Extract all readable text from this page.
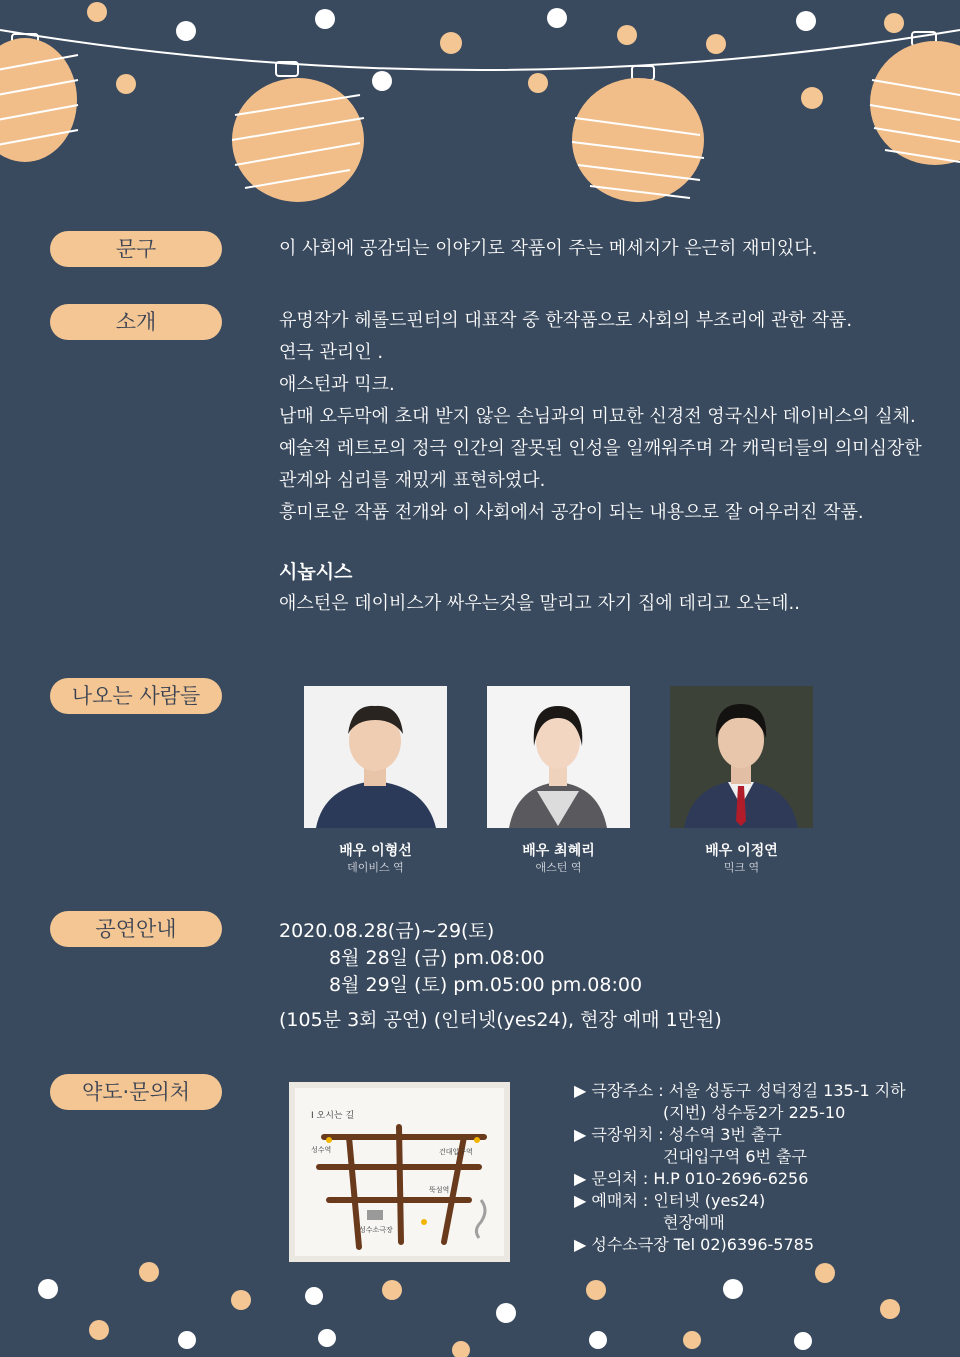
문구	이 사회에 공감되는 이야기로 작품이 주는 메세지가 은근히 재미있다.
소개	유명작가 헤롤드핀터의 대표작 중 한작품으로 사회의 부조리에 관한 작품.
연극 관리인 .
애스턴과 믹크.
남매 오두막에 초대 받지 않은 손님과의 미묘한 신경전 영국신사 데이비스의 실체.
예술적 레트로의 정극 인간의 잘못된 인성을 일깨워주며 각 캐릭터들의 의미심장한
관계와 심리를 재밌게 표현하였다.
흥미로운 작품 전개와 이 사회에서 공감이 되는 내용으로 잘 어우러진 작품.
시놉시스
애스턴은 데이비스가 싸우는것을 말리고 자기 집에 데리고 오는데..
나오는 사람들
배우 이형선
데이비스 역
배우 최혜리
애스턴 역
배우 이정연
믹크 역
공연안내	2020.08.28(금)~29(토)
8월 28일 (금) pm.08:00
8월 29일 (토) pm.05:00 pm.08:00
(105분 3회 공연) (인터넷(yes24), 현장 예매 1만원)
약도·문의처
I 오시는 길
성수역
뚝섬역
성수소극장
건대입구역
▶ 극장주소 : 서울 성동구 성덕정길 135-1 지하
(지번) 성수동2가 225-10
▶ 극장위치 : 성수역 3번 출구
건대입구역 6번 출구
▶ 문의처 : H.P 010-2696-6256
▶ 예매처 : 인터넷 (yes24)
현장예매
▶ 성수소극장 Tel 02)6396-5785
